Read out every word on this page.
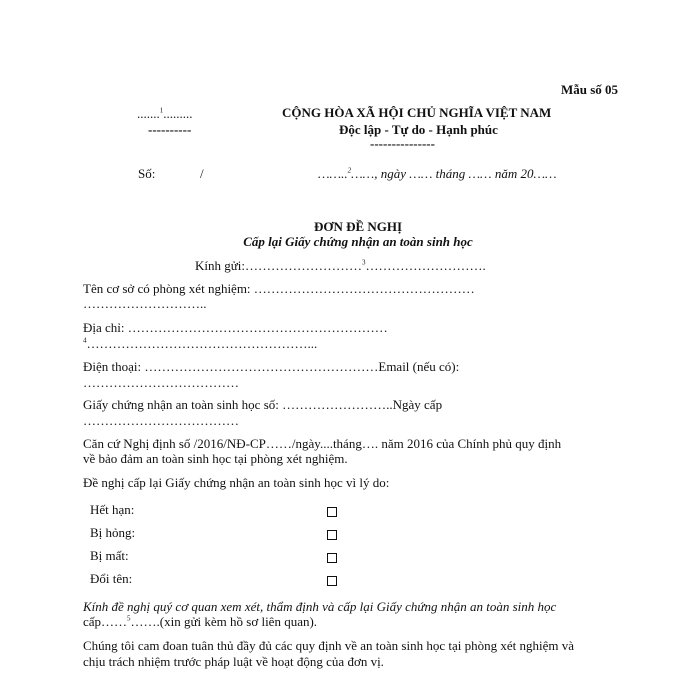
Mẫu số 05
.......$^1$.........
----------
CỘNG HÒA XÃ HỘI CHỦ NGHĨA VIỆT NAM
Độc lập - Tự do - Hạnh phúc
---------------
Số:	/	……..$^2$……, ngày …… tháng …… năm 20……
ĐƠN ĐỀ NGHỊ
Cấp lại Giấy chứng nhận an toàn sinh học
Kính gửi:………………………$^3$……………………….
Tên cơ sở có phòng xét nghiệm: ……………………………………………
………………………..
Địa chỉ: ……………………………………………………
$^4$……………………………………………...
Điện thoại: ………………………………………………Email (nếu có):
………………………………
Giấy chứng nhận an toàn sinh học số: ……………………..Ngày cấp
………………………………
Căn cứ Nghị định số /2016/NĐ-CP……/ngày....tháng…. năm 2016 của Chính phủ quy định
về bảo đảm an toàn sinh học tại phòng xét nghiệm.
Đề nghị cấp lại Giấy chứng nhận an toàn sinh học vì lý do:
Hết hạn:
Bị hỏng:
Bị mất:
Đổi tên:
Kính đề nghị quý cơ quan xem xét, thẩm định và cấp lại Giấy chứng nhận an toàn sinh học
cấp……$^5$…….(xin gửi kèm hồ sơ liên quan).
Chúng tôi cam đoan tuân thủ đầy đủ các quy định về an toàn sinh học tại phòng xét nghiệm và
chịu trách nhiệm trước pháp luật về hoạt động của đơn vị.
